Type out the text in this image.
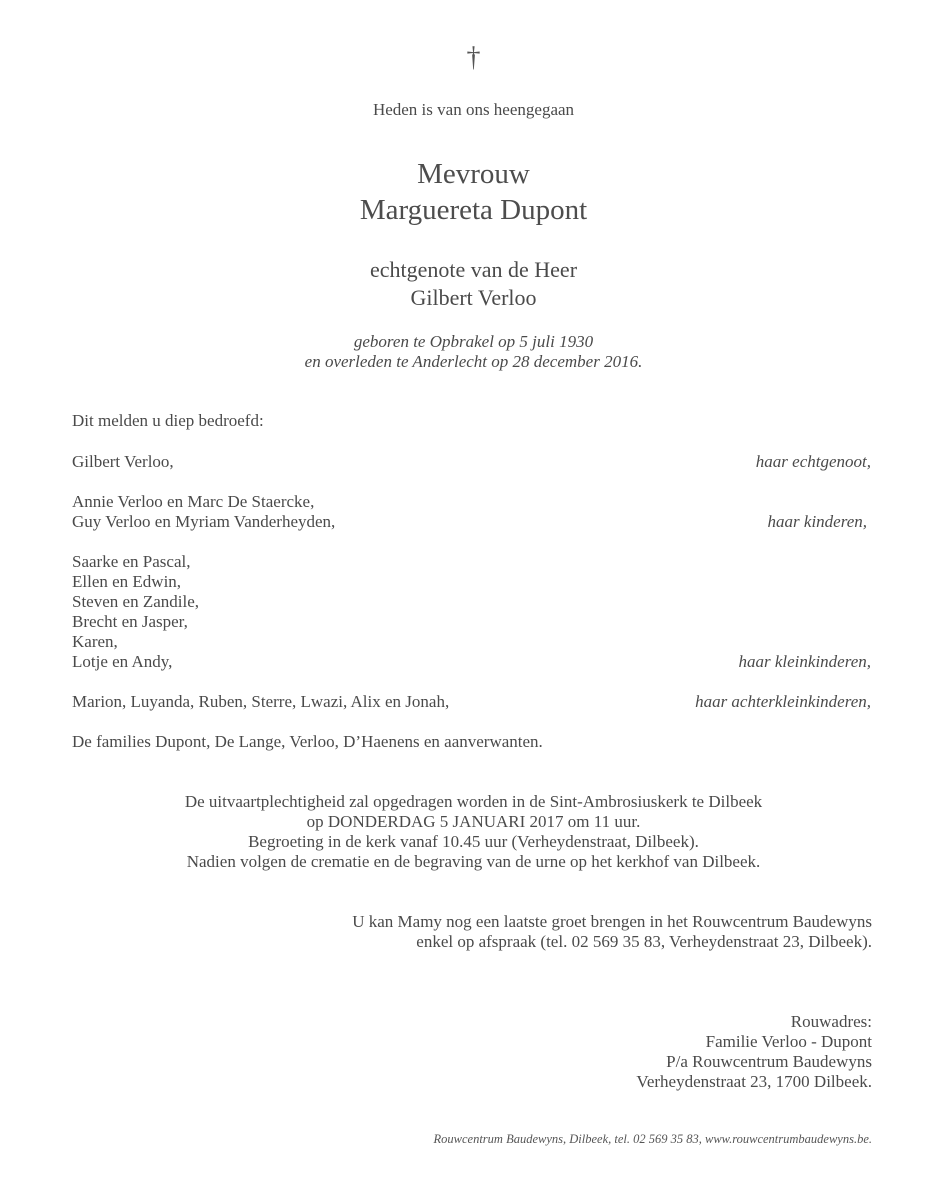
†
Heden is van ons heengegaan
Mevrouw
Marguereta Dupont
echtgenote van de Heer
Gilbert Verloo
geboren te Opbrakel op 5 juli 1930
en overleden te Anderlecht op 28 december 2016.
Dit melden u diep bedroefd:
Gilbert Verloo,	haar echtgenoot,
Annie Verloo en Marc De Staercke,
Guy Verloo en Myriam Vanderheyden,	haar kinderen,
Saarke en Pascal,
Ellen en Edwin,
Steven en Zandile,
Brecht en Jasper,
Karen,
Lotje en Andy,	haar kleinkinderen,
Marion, Luyanda, Ruben, Sterre, Lwazi, Alix en Jonah,	haar achterkleinkinderen,
De families Dupont, De Lange, Verloo, D’Haenens en aanverwanten.
De uitvaartplechtigheid zal opgedragen worden in de Sint-Ambrosiuskerk te Dilbeek
op DONDERDAG 5 JANUARI 2017 om 11 uur.
Begroeting in de kerk vanaf 10.45 uur (Verheydenstraat, Dilbeek).
Nadien volgen de crematie en de begraving van de urne op het kerkhof van Dilbeek.
U kan Mamy nog een laatste groet brengen in het Rouwcentrum Baudewyns
enkel op afspraak (tel. 02 569 35 83, Verheydenstraat 23, Dilbeek).
Rouwadres:
Familie Verloo - Dupont
P/a Rouwcentrum Baudewyns
Verheydenstraat 23, 1700 Dilbeek.
Rouwcentrum Baudewyns, Dilbeek, tel. 02 569 35 83, www.rouwcentrumbaudewyns.be.
